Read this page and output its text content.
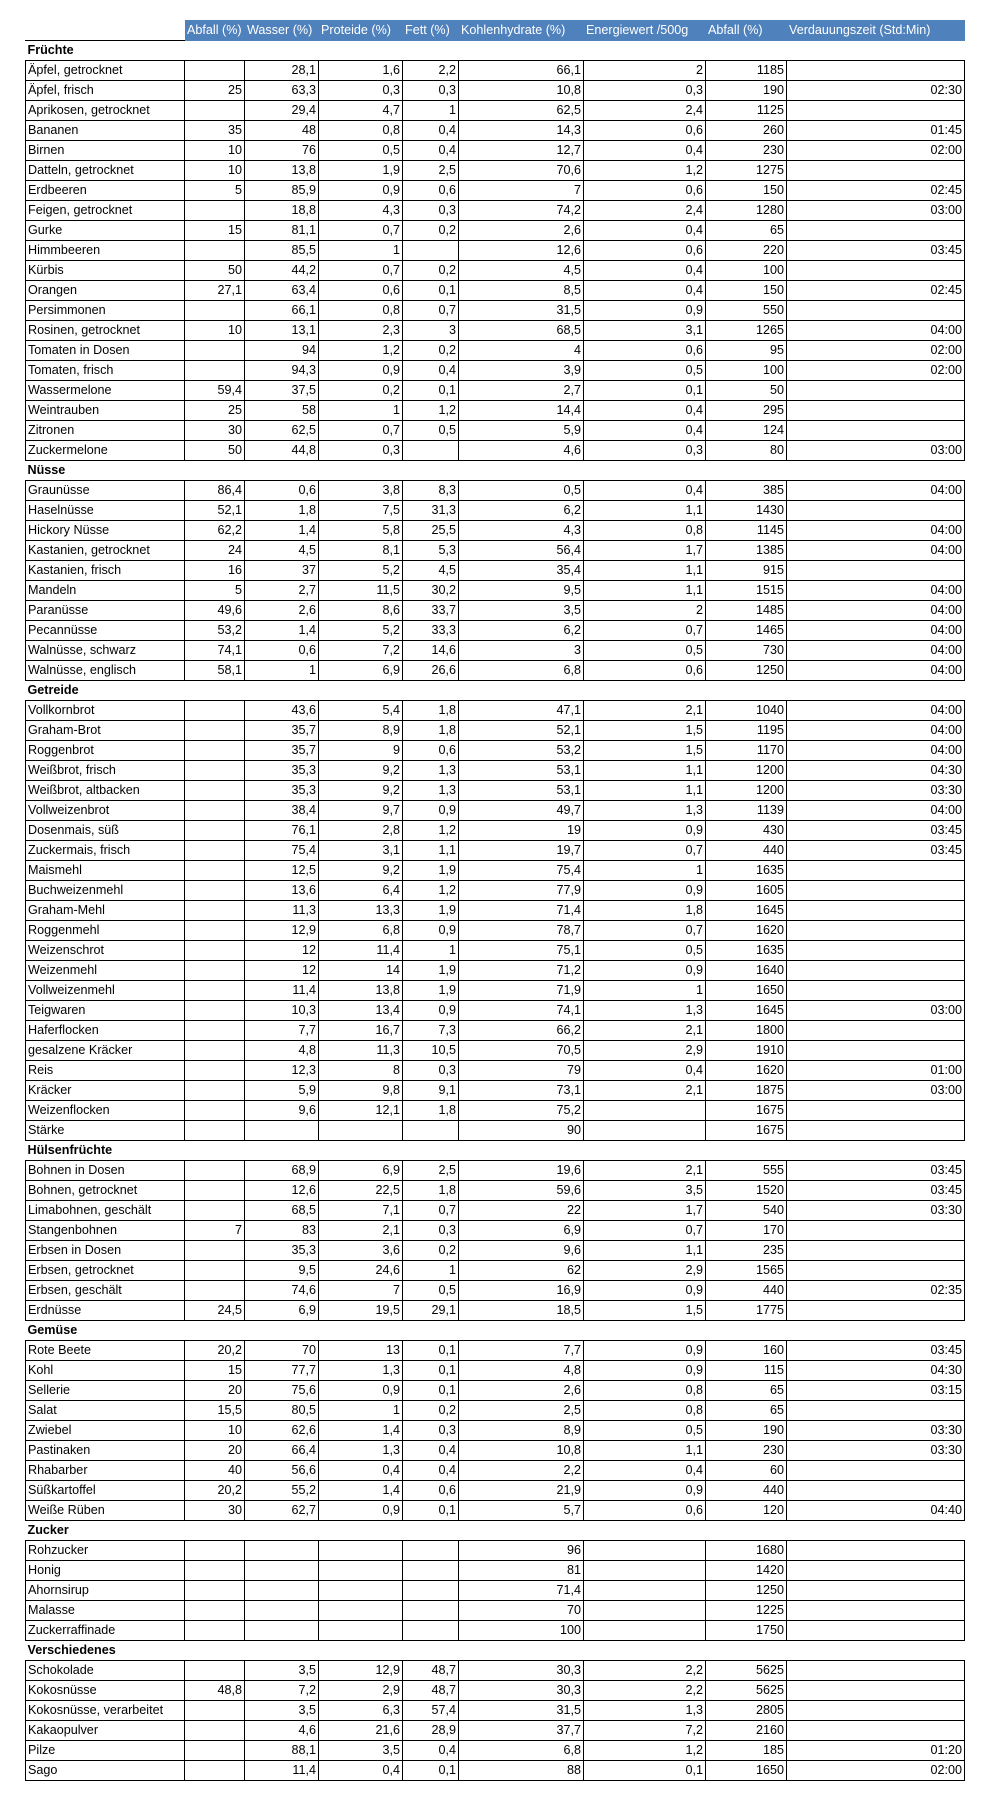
	Abfall (%)	Wasser (%)	Proteide (%)	Fett (%)	Kohlenhydrate (%)	Energiewert /500g	Abfall (%)	Verdauungszeit (Std:Min)
Früchte								
Äpfel, getrocknet		28,1	1,6	2,2	66,1	2	1185	
Äpfel, frisch	25	63,3	0,3	0,3	10,8	0,3	190	02:30
Aprikosen, getrocknet		29,4	4,7	1	62,5	2,4	1125	
Bananen	35	48	0,8	0,4	14,3	0,6	260	01:45
Birnen	10	76	0,5	0,4	12,7	0,4	230	02:00
Datteln, getrocknet	10	13,8	1,9	2,5	70,6	1,2	1275	
Erdbeeren	5	85,9	0,9	0,6	7	0,6	150	02:45
Feigen, getrocknet		18,8	4,3	0,3	74,2	2,4	1280	03:00
Gurke	15	81,1	0,7	0,2	2,6	0,4	65	
Himmbeeren		85,5	1		12,6	0,6	220	03:45
Kürbis	50	44,2	0,7	0,2	4,5	0,4	100	
Orangen	27,1	63,4	0,6	0,1	8,5	0,4	150	02:45
Persimmonen		66,1	0,8	0,7	31,5	0,9	550	
Rosinen, getrocknet	10	13,1	2,3	3	68,5	3,1	1265	04:00
Tomaten in Dosen		94	1,2	0,2	4	0,6	95	02:00
Tomaten, frisch		94,3	0,9	0,4	3,9	0,5	100	02:00
Wassermelone	59,4	37,5	0,2	0,1	2,7	0,1	50	
Weintrauben	25	58	1	1,2	14,4	0,4	295	
Zitronen	30	62,5	0,7	0,5	5,9	0,4	124	
Zuckermelone	50	44,8	0,3		4,6	0,3	80	03:00
Nüsse								
Graunüsse	86,4	0,6	3,8	8,3	0,5	0,4	385	04:00
Haselnüsse	52,1	1,8	7,5	31,3	6,2	1,1	1430	
Hickory Nüsse	62,2	1,4	5,8	25,5	4,3	0,8	1145	04:00
Kastanien, getrocknet	24	4,5	8,1	5,3	56,4	1,7	1385	04:00
Kastanien, frisch	16	37	5,2	4,5	35,4	1,1	915	
Mandeln	5	2,7	11,5	30,2	9,5	1,1	1515	04:00
Paranüsse	49,6	2,6	8,6	33,7	3,5	2	1485	04:00
Pecannüsse	53,2	1,4	5,2	33,3	6,2	0,7	1465	04:00
Walnüsse, schwarz	74,1	0,6	7,2	14,6	3	0,5	730	04:00
Walnüsse, englisch	58,1	1	6,9	26,6	6,8	0,6	1250	04:00
Getreide								
Vollkornbrot		43,6	5,4	1,8	47,1	2,1	1040	04:00
Graham-Brot		35,7	8,9	1,8	52,1	1,5	1195	04:00
Roggenbrot		35,7	9	0,6	53,2	1,5	1170	04:00
Weißbrot, frisch		35,3	9,2	1,3	53,1	1,1	1200	04:30
Weißbrot, altbacken		35,3	9,2	1,3	53,1	1,1	1200	03:30
Vollweizenbrot		38,4	9,7	0,9	49,7	1,3	1139	04:00
Dosenmais, süß		76,1	2,8	1,2	19	0,9	430	03:45
Zuckermais, frisch		75,4	3,1	1,1	19,7	0,7	440	03:45
Maismehl		12,5	9,2	1,9	75,4	1	1635	
Buchweizenmehl		13,6	6,4	1,2	77,9	0,9	1605	
Graham-Mehl		11,3	13,3	1,9	71,4	1,8	1645	
Roggenmehl		12,9	6,8	0,9	78,7	0,7	1620	
Weizenschrot		12	11,4	1	75,1	0,5	1635	
Weizenmehl		12	14	1,9	71,2	0,9	1640	
Vollweizenmehl		11,4	13,8	1,9	71,9	1	1650	
Teigwaren		10,3	13,4	0,9	74,1	1,3	1645	03:00
Haferflocken		7,7	16,7	7,3	66,2	2,1	1800	
gesalzene Kräcker		4,8	11,3	10,5	70,5	2,9	1910	
Reis		12,3	8	0,3	79	0,4	1620	01:00
Kräcker		5,9	9,8	9,1	73,1	2,1	1875	03:00
Weizenflocken		9,6	12,1	1,8	75,2		1675	
Stärke					90		1675	
Hülsenfrüchte								
Bohnen in Dosen		68,9	6,9	2,5	19,6	2,1	555	03:45
Bohnen, getrocknet		12,6	22,5	1,8	59,6	3,5	1520	03:45
Limabohnen, geschält		68,5	7,1	0,7	22	1,7	540	03:30
Stangenbohnen	7	83	2,1	0,3	6,9	0,7	170	
Erbsen in Dosen		35,3	3,6	0,2	9,6	1,1	235	
Erbsen, getrocknet		9,5	24,6	1	62	2,9	1565	
Erbsen, geschält		74,6	7	0,5	16,9	0,9	440	02:35
Erdnüsse	24,5	6,9	19,5	29,1	18,5	1,5	1775	
Gemüse								
Rote Beete	20,2	70	13	0,1	7,7	0,9	160	03:45
Kohl	15	77,7	1,3	0,1	4,8	0,9	115	04:30
Sellerie	20	75,6	0,9	0,1	2,6	0,8	65	03:15
Salat	15,5	80,5	1	0,2	2,5	0,8	65	
Zwiebel	10	62,6	1,4	0,3	8,9	0,5	190	03:30
Pastinaken	20	66,4	1,3	0,4	10,8	1,1	230	03:30
Rhabarber	40	56,6	0,4	0,4	2,2	0,4	60	
Süßkartoffel	20,2	55,2	1,4	0,6	21,9	0,9	440	
Weiße Rüben	30	62,7	0,9	0,1	5,7	0,6	120	04:40
Zucker								
Rohzucker					96		1680	
Honig					81		1420	
Ahornsirup					71,4		1250	
Malasse					70		1225	
Zuckerraffinade					100		1750	
Verschiedenes								
Schokolade		3,5	12,9	48,7	30,3	2,2	5625	
Kokosnüsse	48,8	7,2	2,9	48,7	30,3	2,2	5625	
Kokosnüsse, verarbeitet		3,5	6,3	57,4	31,5	1,3	2805	
Kakaopulver		4,6	21,6	28,9	37,7	7,2	2160	
Pilze		88,1	3,5	0,4	6,8	1,2	185	01:20
Sago		11,4	0,4	0,1	88	0,1	1650	02:00
